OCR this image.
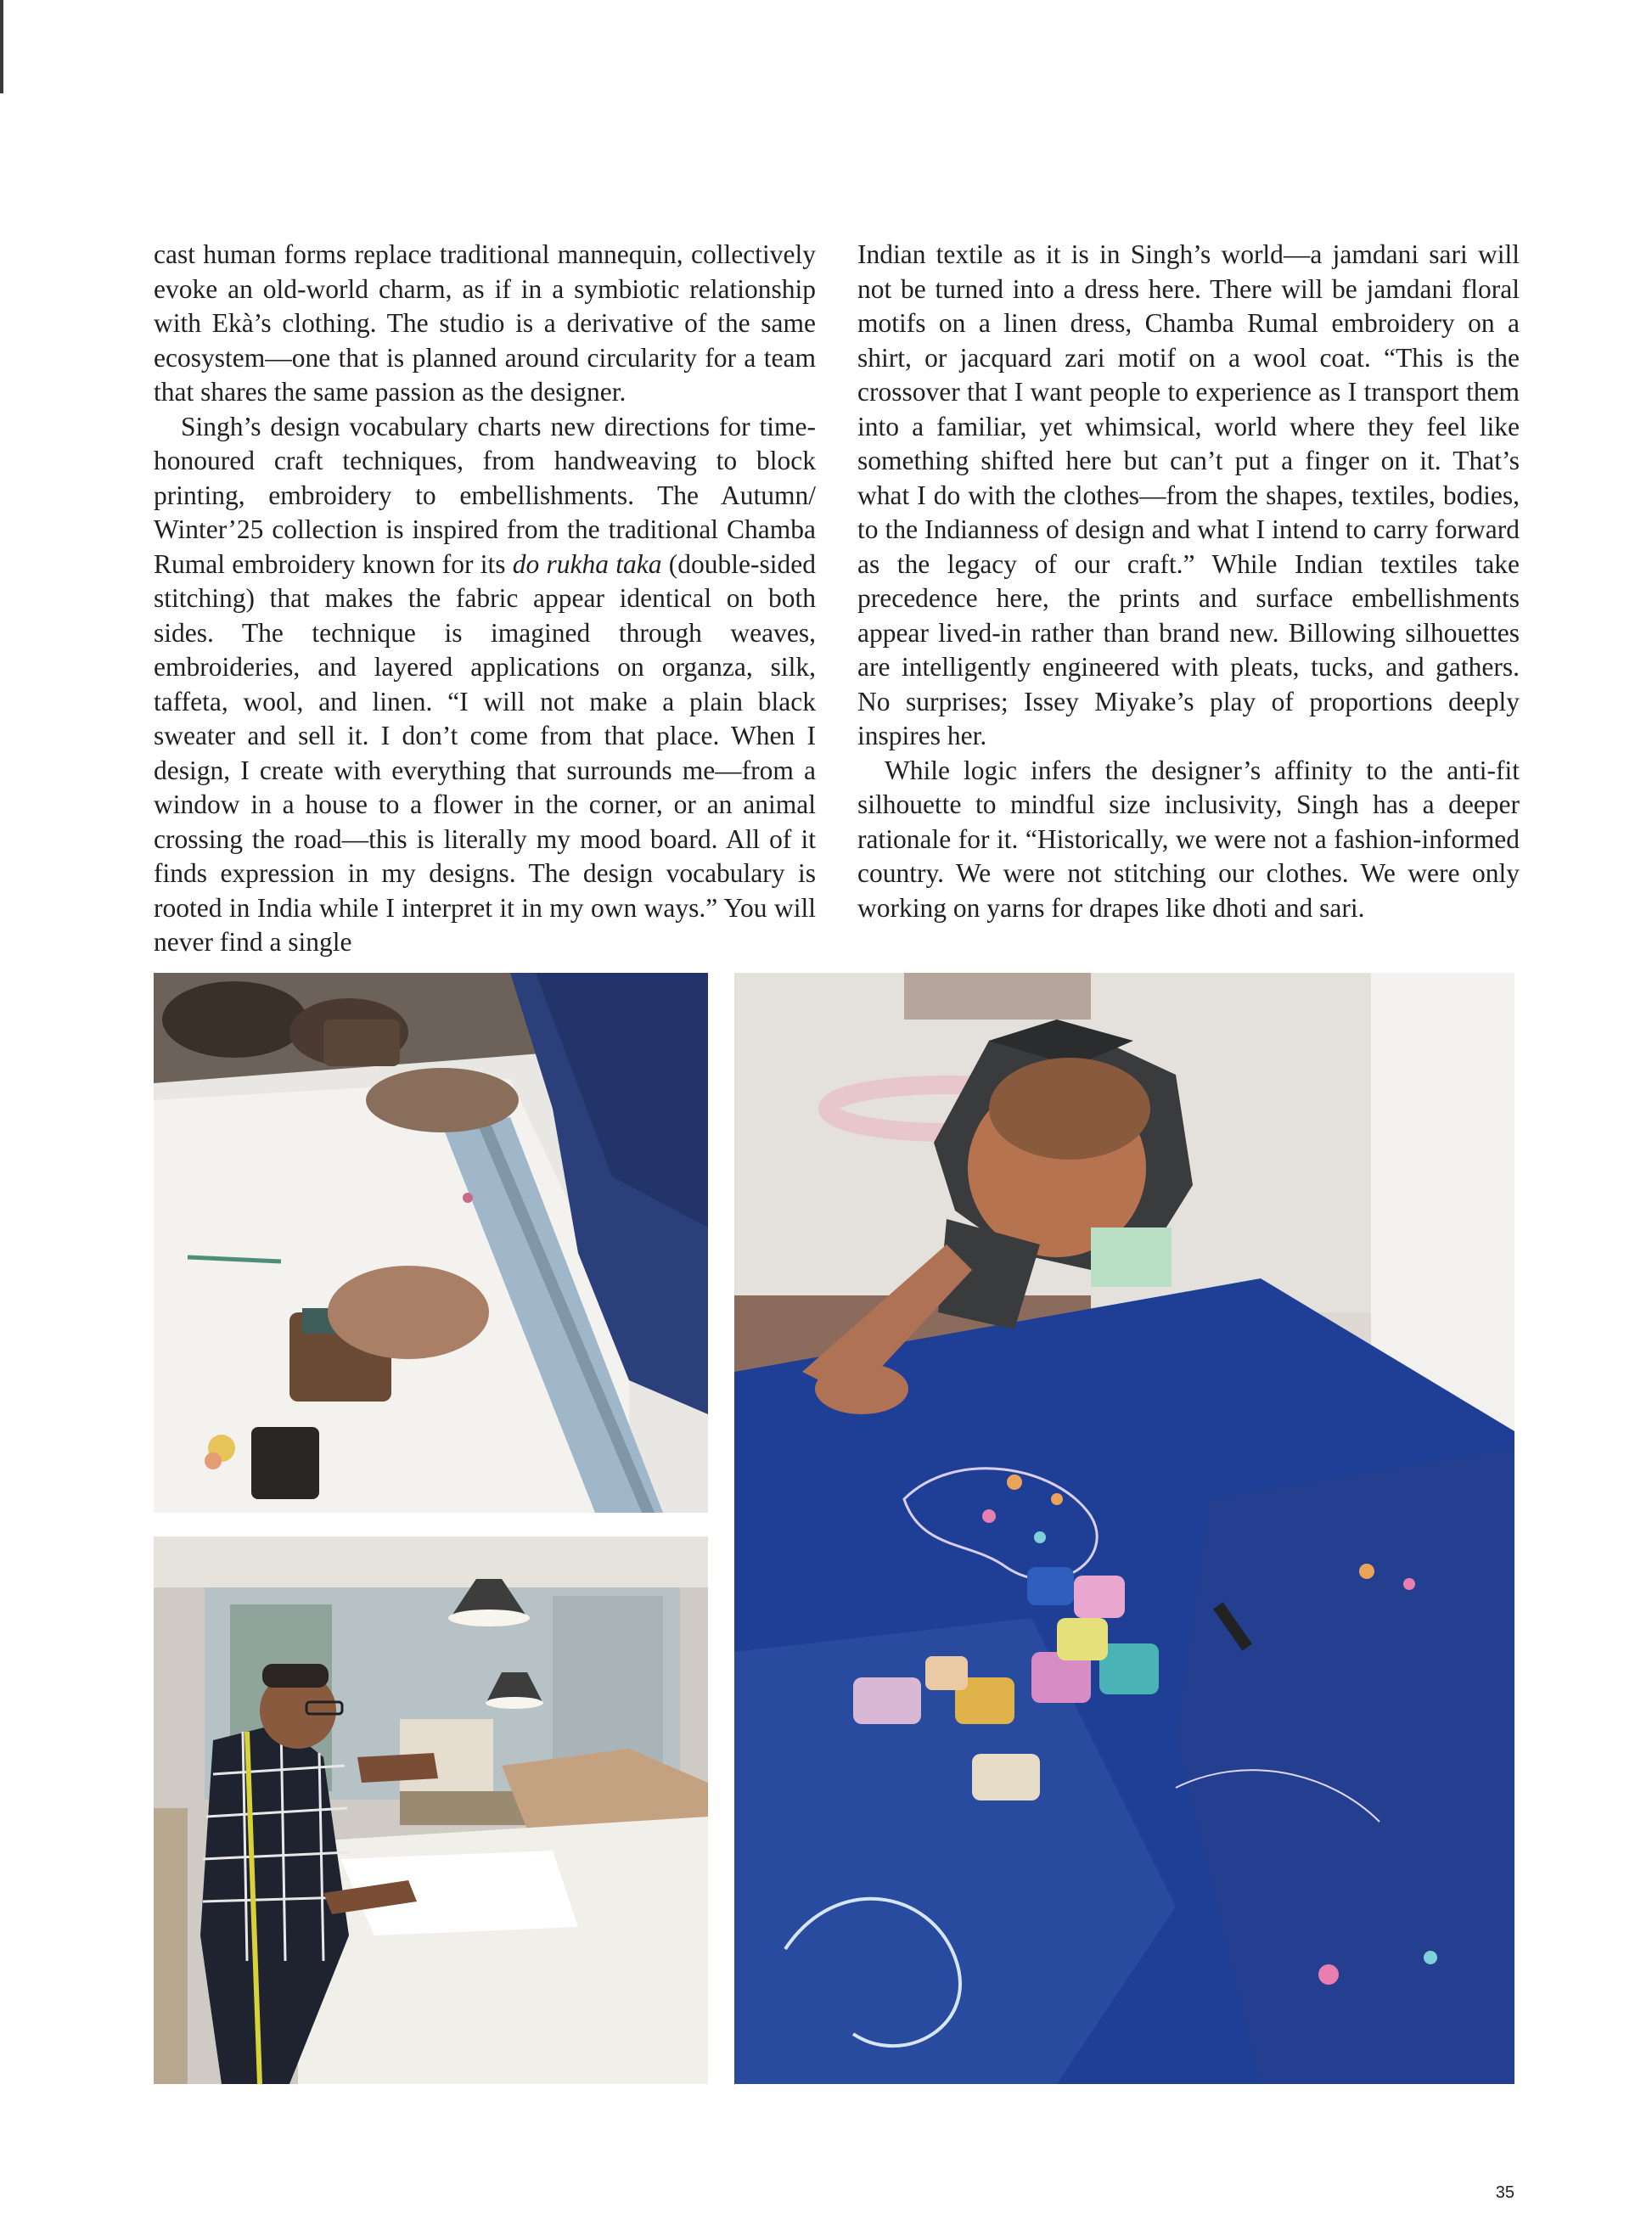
cast human forms replace traditional mannequin, collectively evoke an old-world charm, as if in a symbiotic relationship with Ekà’s clothing. The studio is a derivative of the same ecosystem—one that is planned around circularity for a team that shares the same passion as the designer.

Singh’s design vocabulary charts new directions for time-honoured craft techniques, from handweaving to block printing, embroidery to embellishments. The Autumn/ Winter’25 collection is inspired from the traditional Chamba Rumal embroidery known for its do rukha taka (double-sided stitching) that makes the fabric appear identical on both sides. The technique is imagined through weaves, embroideries, and layered applications on organza, silk, taffeta, wool, and linen. “I will not make a plain black sweater and sell it. I don’t come from that place. When I design, I create with everything that surrounds me—from a window in a house to a flower in the corner, or an animal crossing the road—this is literally my mood board. All of it finds expression in my designs. The design vocabulary is rooted in India while I interpret it in my own ways.” You will never find a single

Indian textile as it is in Singh’s world—a jamdani sari will not be turned into a dress here. There will be jamdani floral motifs on a linen dress, Chamba Rumal embroidery on a shirt, or jacquard zari motif on a wool coat. “This is the crossover that I want people to experience as I transport them into a familiar, yet whimsical, world where they feel like something shifted here but can’t put a finger on it. That’s what I do with the clothes—from the shapes, textiles, bodies, to the Indianness of design and what I intend to carry forward as the legacy of our craft.” While Indian textiles take precedence here, the prints and surface embellishments appear lived-in rather than brand new. Billowing silhouettes are intelligently engineered with pleats, tucks, and gathers. No surprises; Issey Miyake’s play of proportions deeply inspires her.

While logic infers the designer’s affinity to the anti-fit silhouette to mindful size inclusivity, Singh has a deeper rationale for it. “Historically, we were not a fashion-informed country. We were not stitching our clothes. We were only working on yarns for drapes like dhoti and sari.

35
